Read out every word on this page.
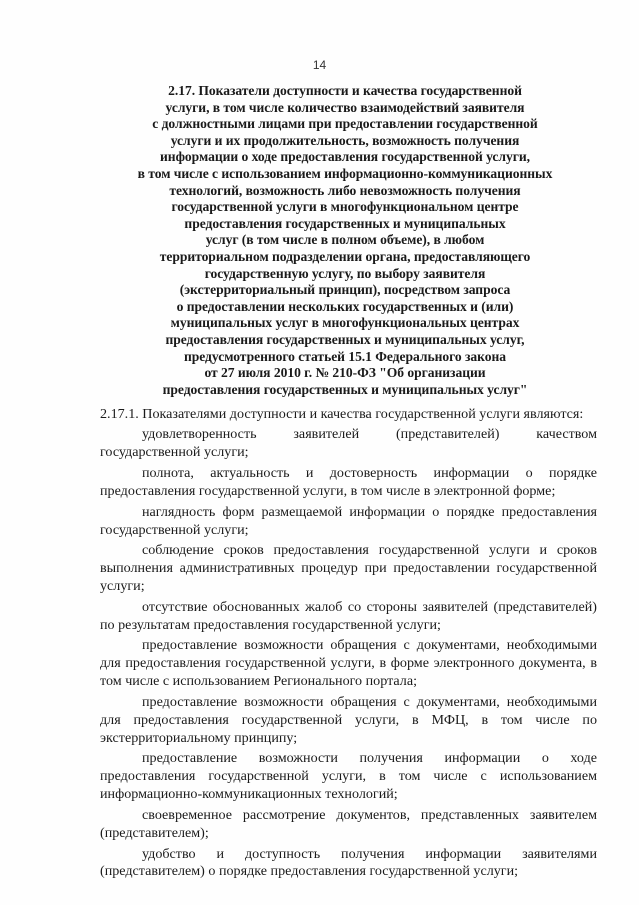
14
2.17. Показатели доступности и качества государственной
услуги, в том числе количество взаимодействий заявителя
с должностными лицами при предоставлении государственной
услуги и их продолжительность, возможность получения
информации о ходе предоставления государственной услуги,
в том числе с использованием информационно-коммуникационных
технологий, возможность либо невозможность получения
государственной услуги в многофункциональном центре
предоставления государственных и муниципальных
услуг (в том числе в полном объеме), в любом
территориальном подразделении органа, предоставляющего
государственную услугу, по выбору заявителя
(экстерриториальный принцип), посредством запроса
о предоставлении нескольких государственных и (или)
муниципальных услуг в многофункциональных центрах
предоставления государственных и муниципальных услуг,
предусмотренного статьей 15.1 Федерального закона
от 27 июля 2010 г. № 210-ФЗ "Об организации
предоставления государственных и муниципальных услуг"

2.17.1. Показателями доступности и качества государственной услуги являются:

удовлетворенность заявителей (представителей) качеством государственной услуги;

полнота, актуальность и достоверность информации о порядке предоставления государственной услуги, в том числе в электронной форме;

наглядность форм размещаемой информации о порядке предоставления государственной услуги;

соблюдение сроков предоставления государственной услуги и сроков выполнения административных процедур при предоставлении государственной услуги;

отсутствие обоснованных жалоб со стороны заявителей (представителей) по результатам предоставления государственной услуги;

предоставление возможности обращения с документами, необходимыми для предоставления государственной услуги, в форме электронного документа, в том числе с использованием Регионального портала;

предоставление возможности обращения с документами, необходимыми для предоставления государственной услуги, в МФЦ, в том числе по экстерриториальному принципу;

предоставление возможности получения информации о ходе предоставления государственной услуги, в том числе с использованием информационно-коммуникационных технологий;

своевременное рассмотрение документов, представленных заявителем (представителем);

удобство и доступность получения информации заявителями (представителем) о порядке предоставления государственной услуги;
